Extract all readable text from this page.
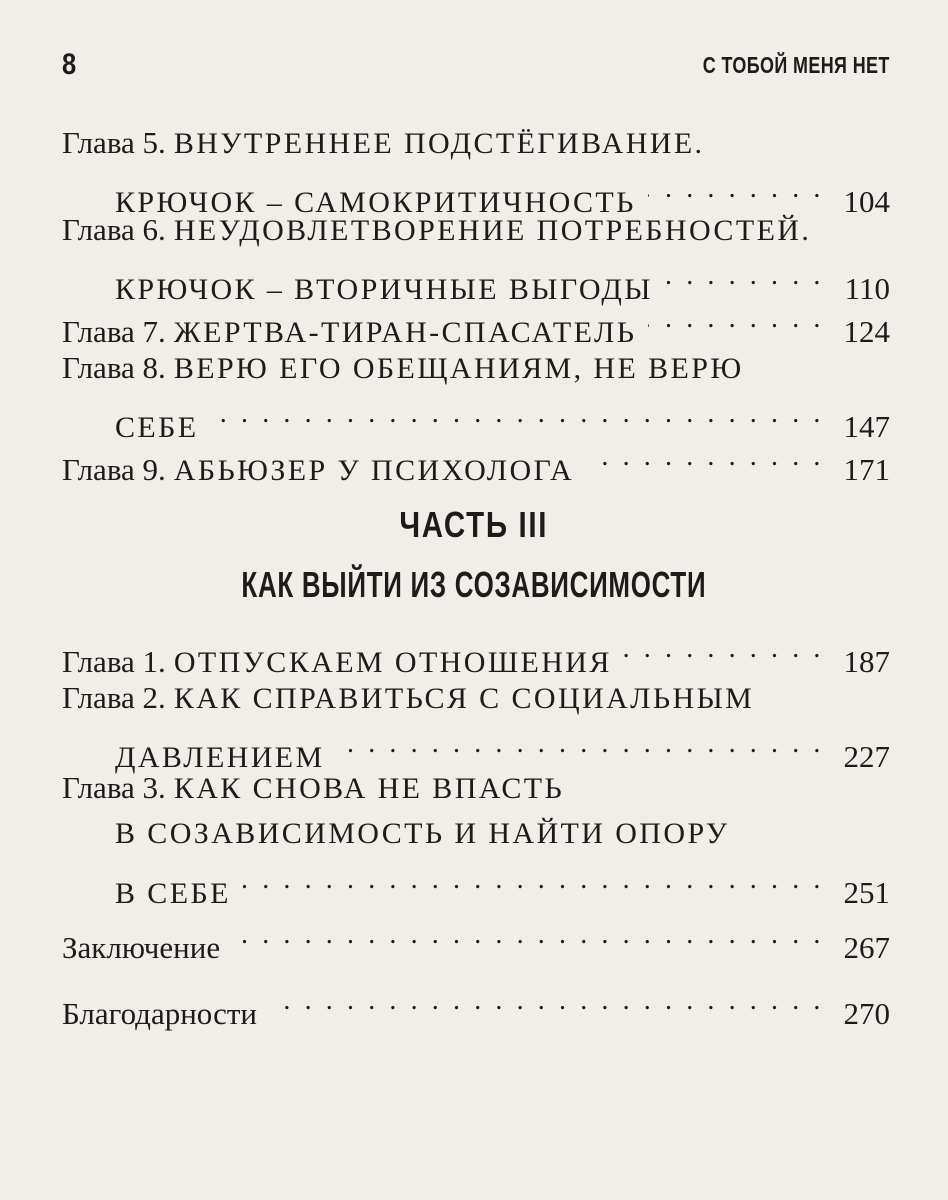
8	С ТОБОЙ МЕНЯ НЕТ
Глава 5. ВНУТРЕННЕЕ ПОДСТЁГИВАНИЕ.
КРЮЧОК – САМОКРИТИЧНОСТЬ . . .	104
Глава 6. НЕУДОВЛЕТВОРЕНИЕ ПОТРЕБНОСТЕЙ.
КРЮЧОК – ВТОРИЧНЫЕ ВЫГОДЫ . . .	110
Глава 7. ЖЕРТВА-ТИРАН-СПАСАТЕЛЬ . . .	124
Глава 8. ВЕРЮ ЕГО ОБЕЩАНИЯМ, НЕ ВЕРЮ
СЕБЕ . . .	147
Глава 9. АБЬЮЗЕР У ПСИХОЛОГА . . .	171
ЧАСТЬ III
КАК ВЫЙТИ ИЗ СОЗАВИСИМОСТИ
Глава 1. ОТПУСКАЕМ ОТНОШЕНИЯ . . .	187
Глава 2. КАК СПРАВИТЬСЯ С СОЦИАЛЬНЫМ
ДАВЛЕНИЕМ . . .	227
Глава 3. КАК СНОВА НЕ ВПАСТЬ
В СОЗАВИСИМОСТЬ И НАЙТИ ОПОРУ
В СЕБЕ . . .	251
Заключение . . .	267
Благодарности . . .	270
